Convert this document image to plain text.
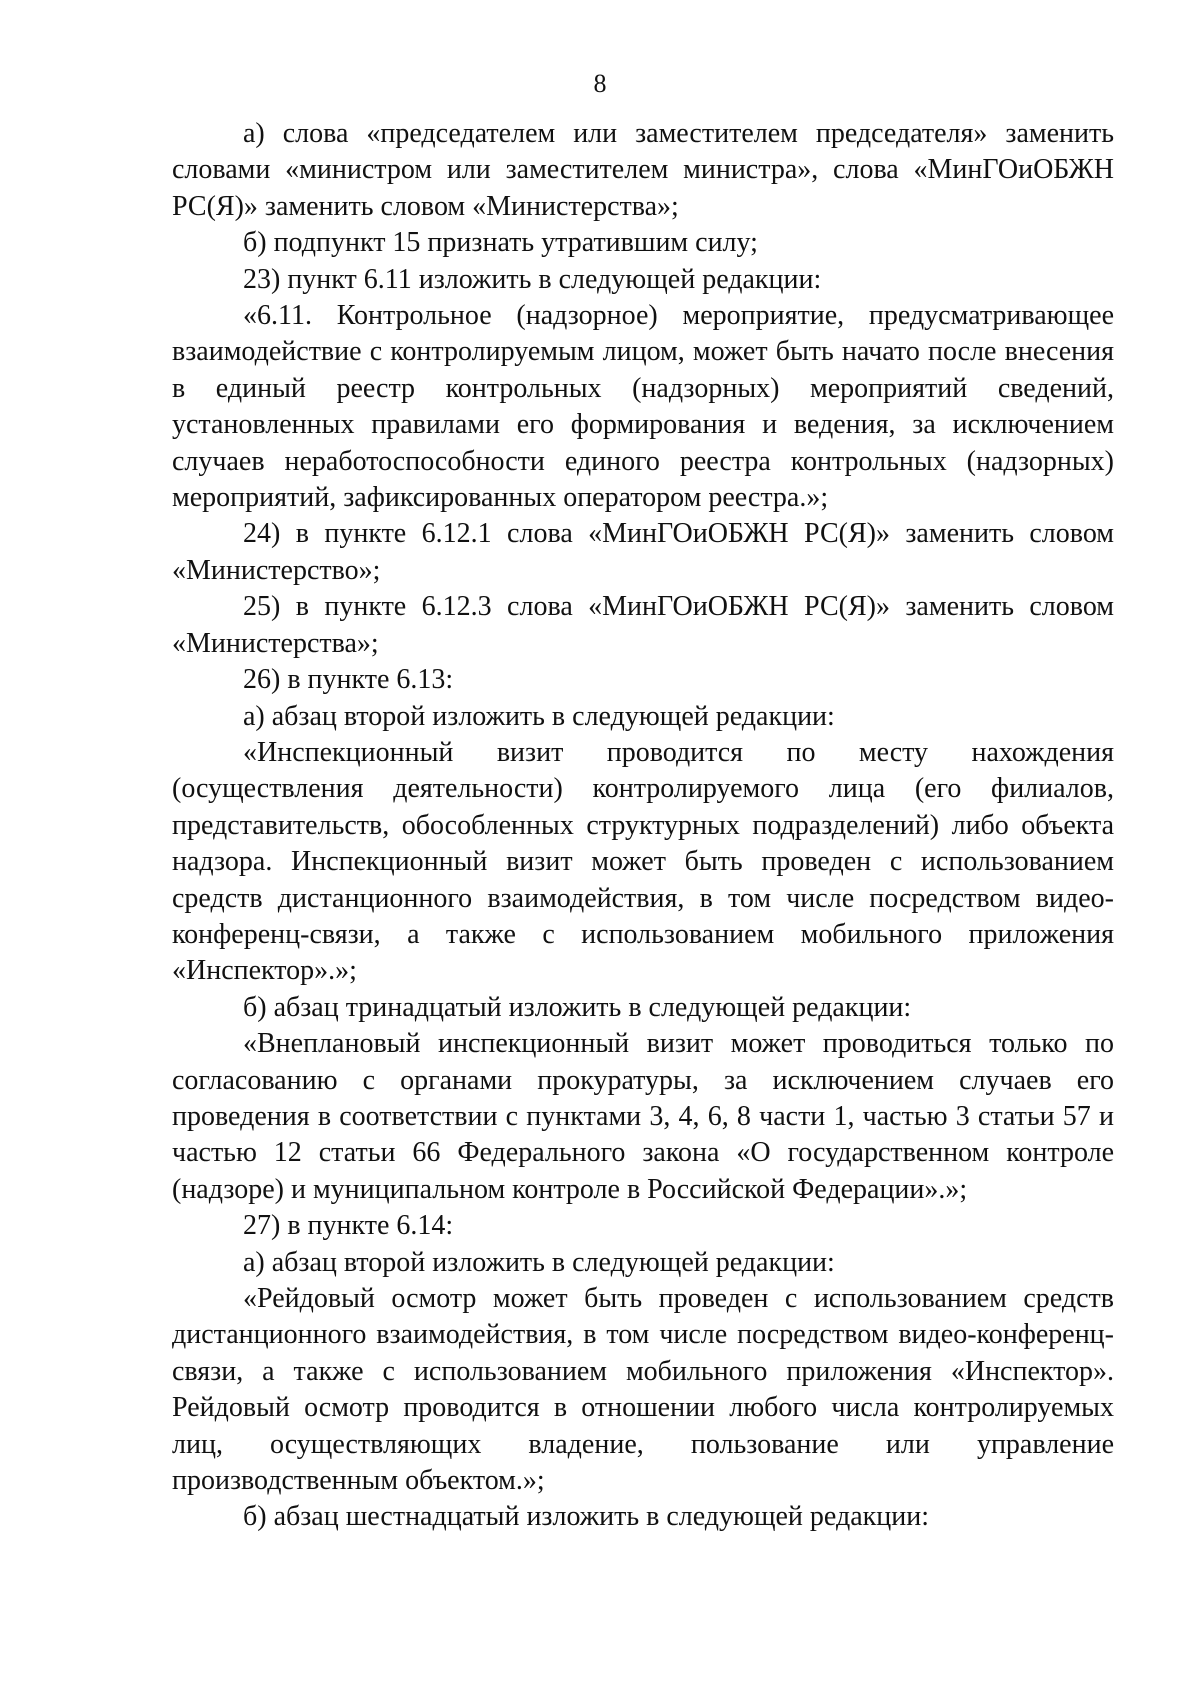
8

а) слова «председателем или заместителем председателя» заменить словами «министром или заместителем министра», слова «МинГОиОБЖН РС(Я)» заменить словом «Министерства»;

б) подпункт 15 признать утратившим силу;

23) пункт 6.11 изложить в следующей редакции:

«6.11. Контрольное (надзорное) мероприятие, предусматривающее взаимодействие с контролируемым лицом, может быть начато после внесения в единый реестр контрольных (надзорных) мероприятий сведений, установленных правилами его формирования и ведения, за исключением случаев неработоспособности единого реестра контрольных (надзорных) мероприятий, зафиксированных оператором реестра.»;

24) в пункте 6.12.1 слова «МинГОиОБЖН РС(Я)» заменить словом «Министерство»;

25) в пункте 6.12.3 слова «МинГОиОБЖН РС(Я)» заменить словом «Министерства»;

26) в пункте 6.13:

а) абзац второй изложить в следующей редакции:

«Инспекционный визит проводится по месту нахождения (осуществления деятельности) контролируемого лица (его филиалов, представительств, обособленных структурных подразделений) либо объекта надзора. Инспекционный визит может быть проведен с использованием средств дистанционного взаимодействия, в том числе посредством видео-конференц-связи, а также с использованием мобильного приложения «Инспектор».»;

б) абзац тринадцатый изложить в следующей редакции:

«Внеплановый инспекционный визит может проводиться только по согласованию с органами прокуратуры, за исключением случаев его проведения в соответствии с пунктами 3, 4, 6, 8 части 1, частью 3 статьи 57 и частью 12 статьи 66 Федерального закона «О государственном контроле (надзоре) и муниципальном контроле в Российской Федерации».»;

27) в пункте 6.14:

а) абзац второй изложить в следующей редакции:

«Рейдовый осмотр может быть проведен с использованием средств дистанционного взаимодействия, в том числе посредством видео-конференц-связи, а также с использованием мобильного приложения «Инспектор». Рейдовый осмотр проводится в отношении любого числа контролируемых лиц, осуществляющих владение, пользование или управление производственным объектом.»;

б) абзац шестнадцатый изложить в следующей редакции:
